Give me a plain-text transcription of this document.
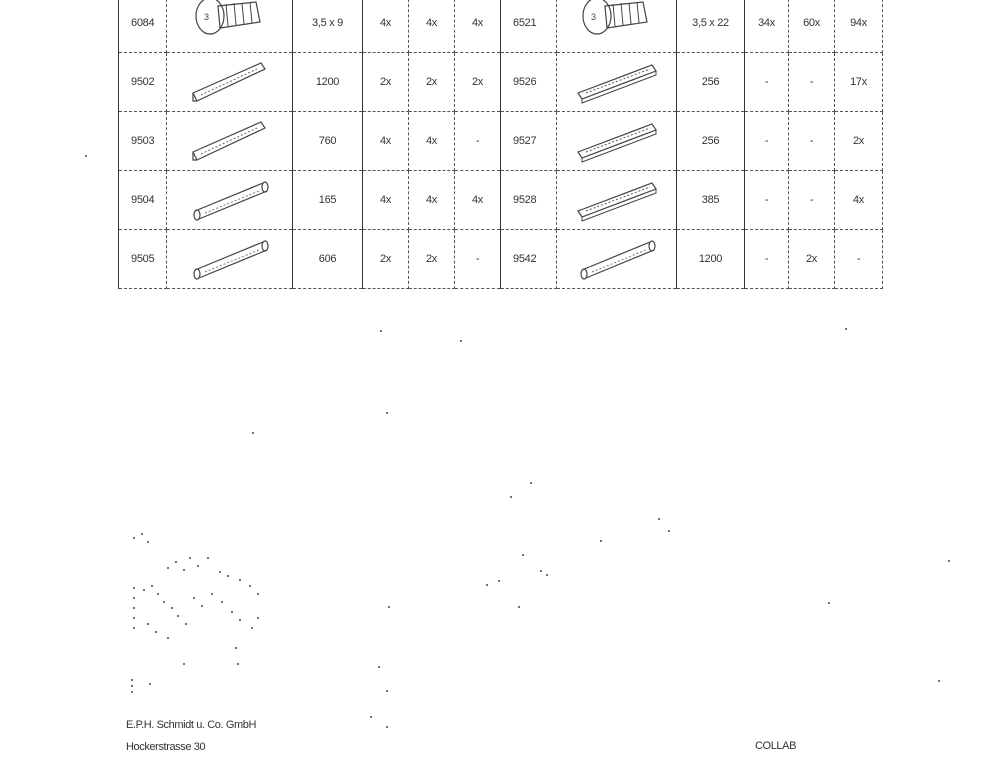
6084	3	3,5 x 9	4x	4x	4x	6521	3	3,5 x 22	34x	60x	94x
9502		1200	2x	2x	2x	9526		256	-	-	17x
9503		760	4x	4x	-	9527		256	-	-	2x
9504		165	4x	4x	4x	9528		385	-	-	4x
9505		606	2x	2x	-	9542		1200	-	2x	-
E.P.H. Schmidt u. Co. GmbH
Hockerstrasse 30	COLLAB
